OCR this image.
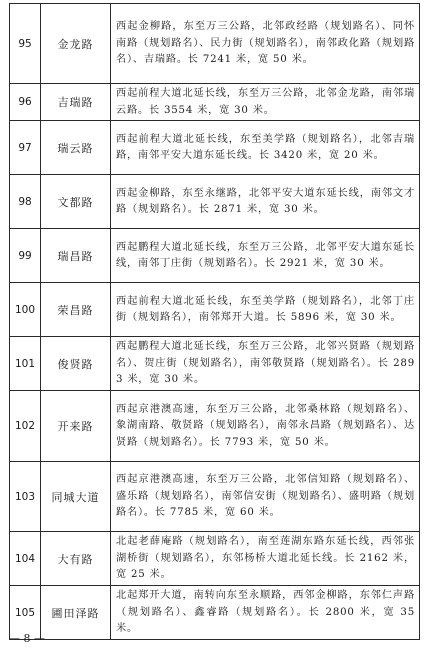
95	金龙路	西起金柳路，东至万三公路，北邻政经路（规划路名）、同怀南路（规划路名）、民力街（规划路名），南邻政化路（规划路名）、吉瑞路。长 7241 米，宽 50 米。
96	吉瑞路	西起前程大道北延长线，东至万三公路，北邻金龙路，南邻瑞云路。长 3554 米，宽 30 米。
97	瑞云路	西起前程大道北延长线，东至美学路（规划路名），北邻吉瑞路，南邻平安大道东延长线。长 3420 米，宽 20 米。
98	文都路	西起金柳路，东至永继路，北邻平安大道东延长线，南邻文才路（规划路名）。长 2871 米，宽 30 米。
99	瑞昌路	西起鹏程大道北延长线，东至万三公路，北邻平安大道东延长线，南邻丁庄街（规划路名）。长 2921 米，宽 30 米。
100	荣昌路	西起前程大道北延长线，东至美学路（规划路名），北邻丁庄街（规划路名），南邻郑开大道。长 5896 米，宽 30 米。
101	俊贤路	西起鹏程大道北延长线，东至万三公路，北邻兴贤路（规划路名）、贺庄街（规划路名），南邻敬贤路（规划路名）。长 2893 米，宽 30 米。
102	开来路	西起京港澳高速，东至万三公路，北邻桑林路（规划路名）、象湖南路、敬贤路（规划路名），南邻永昌路（规划路名）、达贤路（规划路名）。长 7793 米，宽 50 米。
103	同城大道	西起京港澳高速，东至万三公路，北邻信知路（规划路名）、盛乐路（规划路名），南邻信安街（规划路名）、盛明路（规划路名）。长 7785 米，宽 60 米。
104	大有路	北起老薛庵路（规划路名），南至莲湖东路东延长线，西邻张湖桥街（规划路名），东邻杨桥大道北延长线。长 2162 米，宽 25 米。
105	圃田泽路	北起郑开大道，南转向东至永顺路，西邻金柳路，东邻仁声路（规划路名）、鑫睿路（规划路名）。长 2800 米，宽 35 米。
— 8 —
